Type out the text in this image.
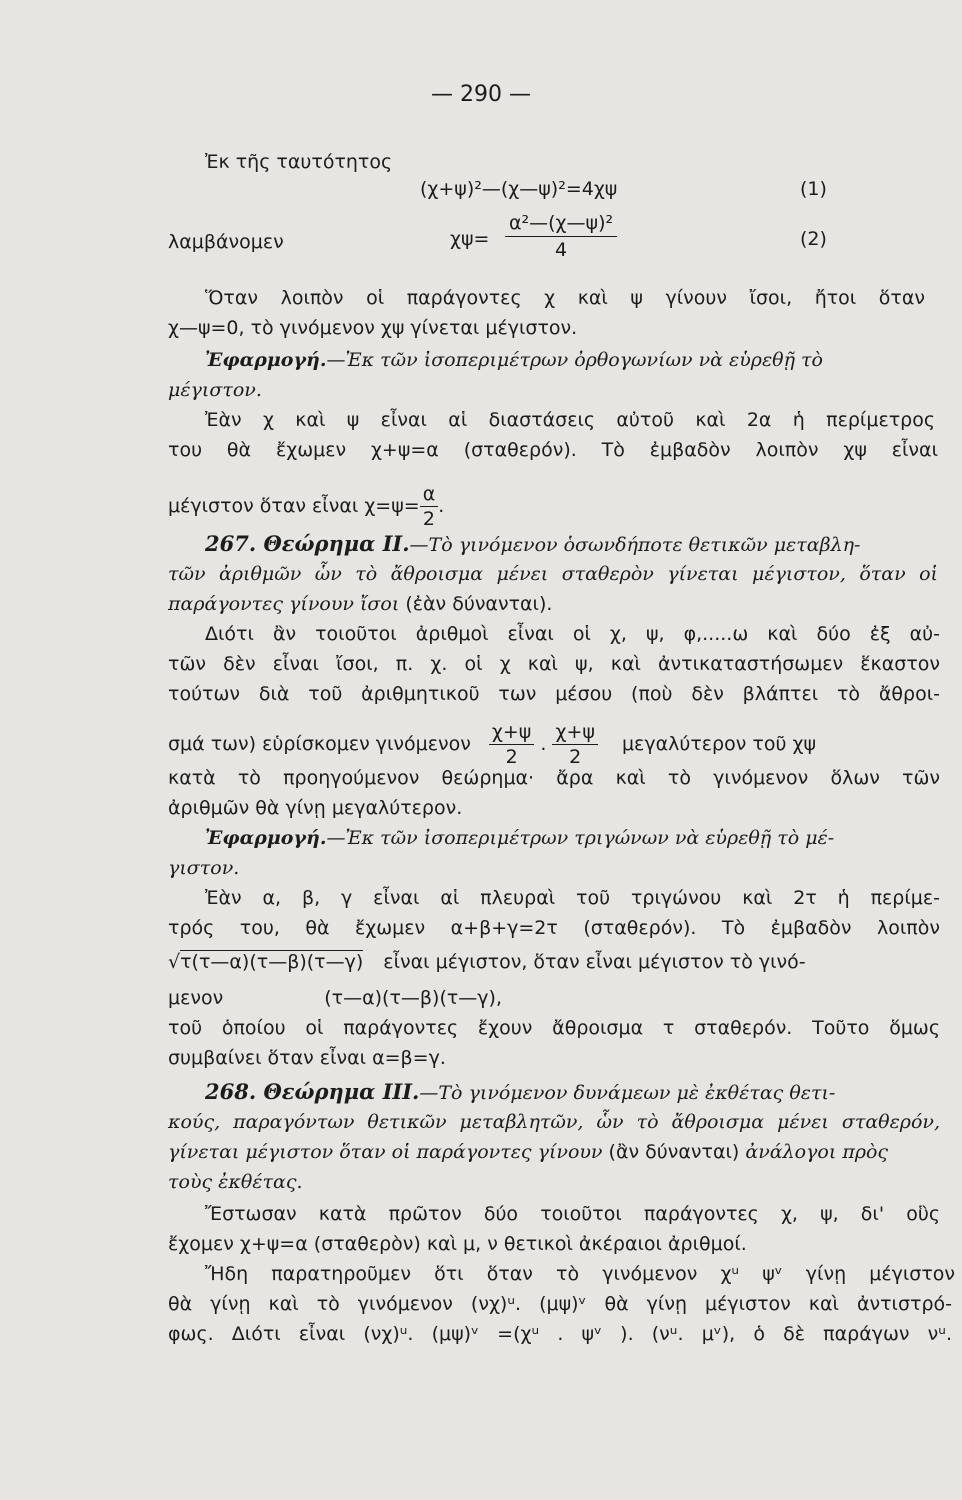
— 290 —
Ἐκ τῆς ταυτότητος
(χ+ψ)²—(χ—ψ)²=4χψ	(1)
λαμβάνομεν	$\chi\psi= \frac{\text{α²—(χ—ψ)²}}{4}$	(2)
Ὅταν λοιπὸν οἱ παράγοντες χ καὶ ψ γίνουν ἴσοι, ἤτοι ὅταν
χ—ψ=0, τὸ γινόμενον χψ γίνεται μέγιστον.
Ἐφαρμογή.—Ἐκ τῶν ἰσοπεριμέτρων ὀρθογωνίων νὰ εὑρεθῇ τὸ
μέγιστον.
Ἐὰν χ καὶ ψ εἶναι αἱ διαστάσεις αὐτοῦ καὶ 2α ἡ περίμετρος
του θὰ ἔχωμεν χ+ψ=α (σταθερόν). Τὸ ἐμβαδὸν λοιπὸν χψ εἶναι
μέγιστον ὅταν εἶναι $\chi=\psi= \frac{\alpha}{2}$ .
267. Θεώρημα II.—Τὸ γινόμενον ὁσωνδήποτε θετικῶν μεταβλη-
τῶν ἀριθμῶν ὧν τὸ ἄθροισμα μένει σταθερὸν γίνεται μέγιστον, ὅταν οἱ
παράγοντες γίνουν ἴσοι (ἐὰν δύνανται).
Διότι ἂν τοιοῦτοι ἀριθμοὶ εἶναι οἱ χ, ψ, φ,.....ω καὶ δύο ἐξ αὐ-
τῶν δὲν εἶναι ἴσοι, π. χ. οἱ χ καὶ ψ, καὶ ἀντικαταστήσωμεν ἕκαστον
τούτων διὰ τοῦ ἀριθμητικοῦ των μέσου (ποὺ δὲν βλάπτει τὸ ἄθροι-
σμά των) εὑρίσκομεν γινόμενον $\frac{\chi+\psi}{2}$ . $\frac{\chi+\psi}{2}$ μεγαλύτερον τοῦ χψ
κατὰ τὸ προηγούμενον θεώρημα· ἄρα καὶ τὸ γινόμενον ὅλων τῶν
ἀριθμῶν θὰ γίνῃ μεγαλύτερον.
Ἐφαρμογή.—Ἐκ τῶν ἰσοπεριμέτρων τριγώνων νὰ εὑρεθῇ τὸ μέ-
γιστον.
Ἐὰν α, β, γ εἶναι αἱ πλευραὶ τοῦ τριγώνου καὶ 2τ ἡ περίμε-
τρός του, θὰ ἔχωμεν α+β+γ=2τ (σταθερόν). Τὸ ἐμβαδὸν λοιπὸν
√τ(τ—α)(τ—β)(τ—γ) εἶναι μέγιστον, ὅταν εἶναι μέγιστον τὸ γινό-
μενον	(τ—α)(τ—β)(τ—γ),
τοῦ ὁποίου οἱ παράγοντες ἔχουν ἄθροισμα τ σταθερόν. Τοῦτο ὅμως
συμβαίνει ὅταν εἶναι α=β=γ.
268. Θεώρημα III.—Τὸ γινόμενον δυνάμεων μὲ ἐκθέτας θετι-
κούς, παραγόντων θετικῶν μεταβλητῶν, ὧν τὸ ἄθροισμα μένει σταθερόν,
γίνεται μέγιστον ὅταν οἱ παράγοντες γίνουν (ἂν δύνανται) ἀνάλογοι πρὸς
τοὺς ἐκθέτας.
Ἔστωσαν κατὰ πρῶτον δύο τοιοῦτοι παράγοντες χ, ψ, δι' οὓς
ἔχομεν χ+ψ=α (σταθερὸν) καὶ μ, ν θετικοὶ ἀκέραιοι ἀριθμοί.
Ἤδη παρατηροῦμεν ὅτι ὅταν τὸ γινόμενον χᵘ ψᵛ γίνῃ μέγιστον
θὰ γίνῃ καὶ τὸ γινόμενον (νχ)ᵘ. (μψ)ᵛ θὰ γίνῃ μέγιστον καὶ ἀντιστρό-
φως. Διότι εἶναι (νχ)ᵘ. (μψ)ᵛ =(χᵘ . ψᵛ ). (νᵘ. μᵛ), ὁ δὲ παράγων νᵘ.
